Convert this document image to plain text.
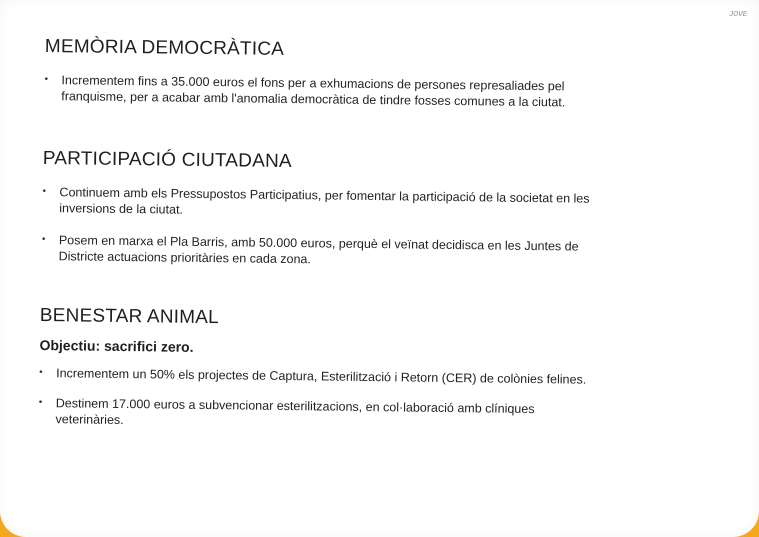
ᴊᴏᴠᴇ
MEMÒRIA DEMOCRÀTICA
• Incrementem fins a 35.000 euros el fons per a exhumacions de persones represaliades pel franquisme, per a acabar amb l'anomalia democràtica de tindre fosses comunes a la ciutat.
PARTICIPACIÓ CIUTADANA
• Continuem amb els Pressupostos Participatius, per fomentar la participació de la societat en les inversions de la ciutat.
• Posem en marxa el Pla Barris, amb 50.000 euros, perquè el veïnat decidisca en les Juntes de Districte actuacions prioritàries en cada zona.
BENESTAR ANIMAL

Objectiu: sacrifici zero.

• Incrementem un 50% els projectes de Captura, Esterilització i Retorn (CER) de colònies felines.
• Destinem 17.000 euros a subvencionar esterilitzacions, en col·laboració amb clíniques veterinàries.
